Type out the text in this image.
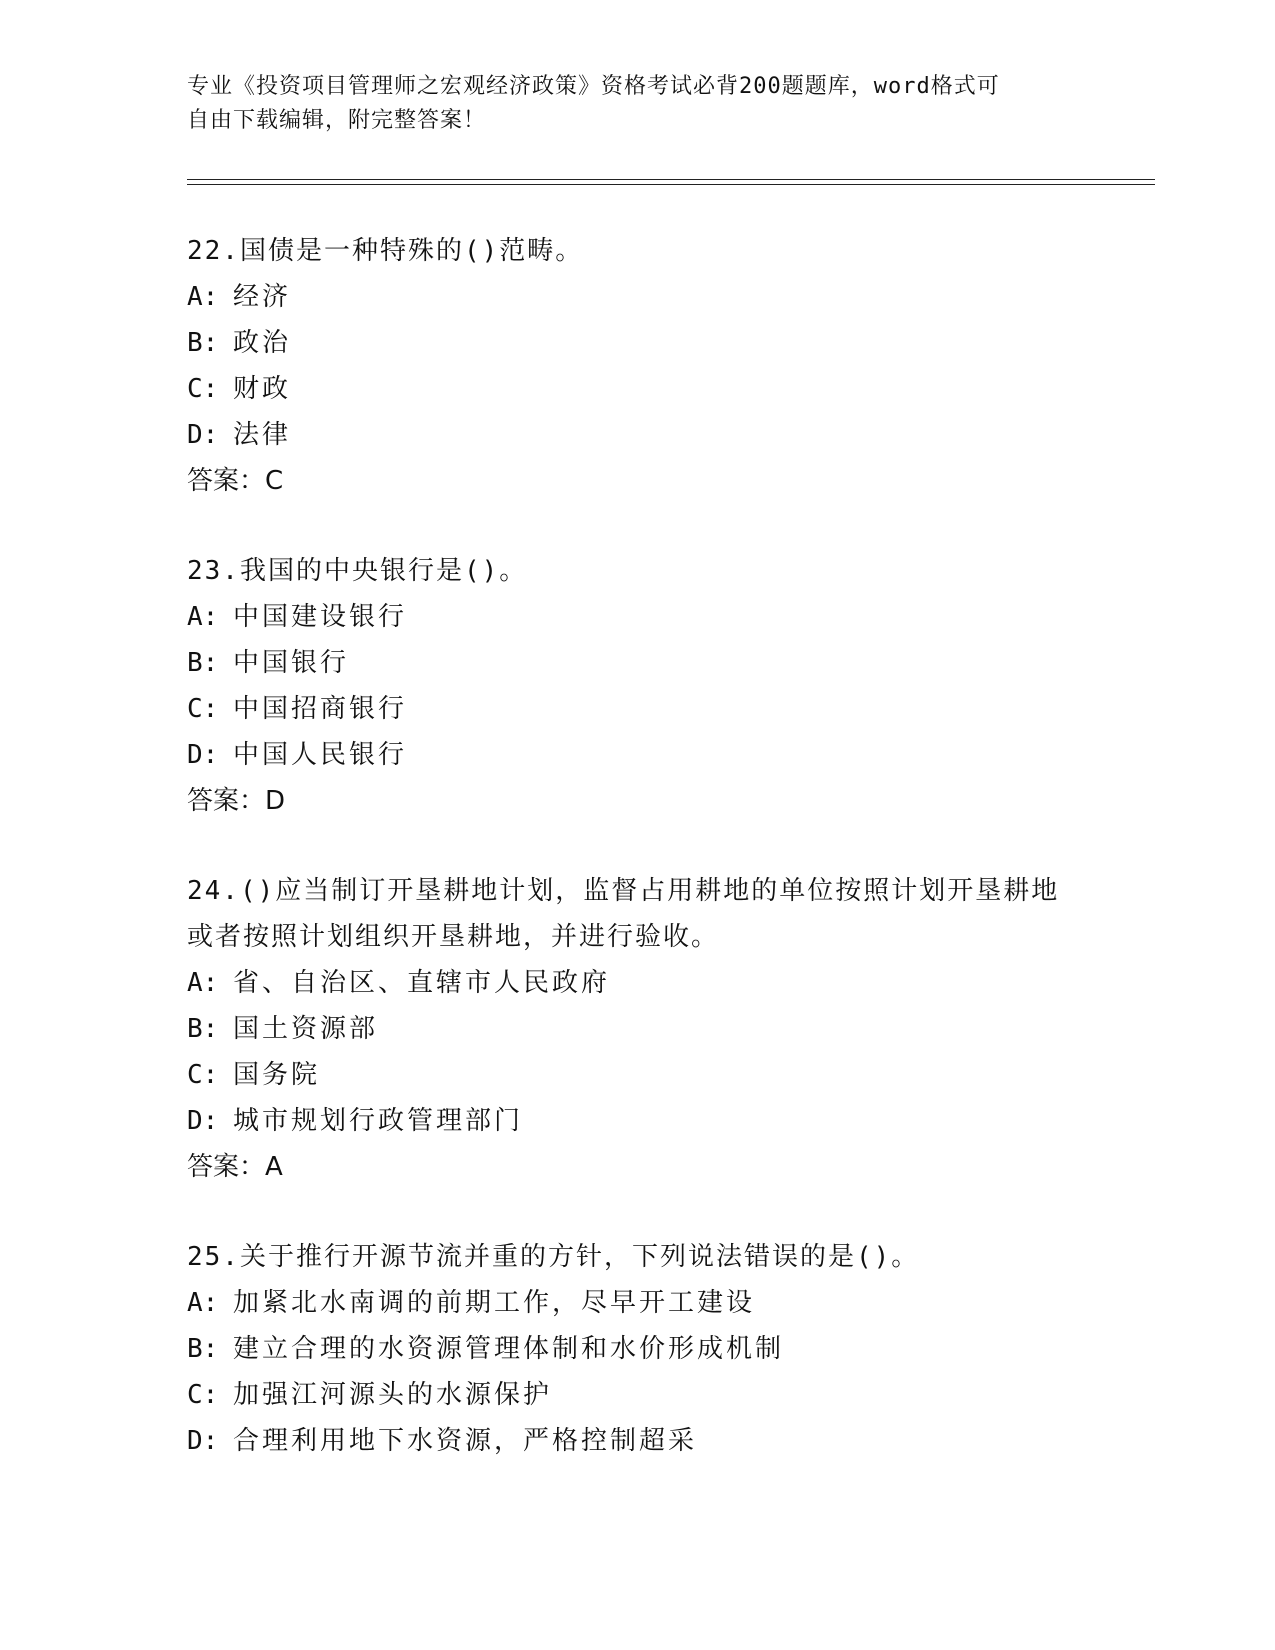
专业《投资项目管理师之宏观经济政策》资格考试必背200题题库，word格式可
自由下载编辑，附完整答案！
22.国债是一种特殊的()范畴。
A: 经济
B: 政治
C: 财政
D: 法律
答案：C
23.我国的中央银行是()。
A: 中国建设银行
B: 中国银行
C: 中国招商银行
D: 中国人民银行
答案：D
24.()应当制订开垦耕地计划，监督占用耕地的单位按照计划开垦耕地
或者按照计划组织开垦耕地，并进行验收。
A: 省、自治区、直辖市人民政府
B: 国土资源部
C: 国务院
D: 城市规划行政管理部门
答案：A
25.关于推行开源节流并重的方针，下列说法错误的是()。
A: 加紧北水南调的前期工作，尽早开工建设
B: 建立合理的水资源管理体制和水价形成机制
C: 加强江河源头的水源保护
D: 合理利用地下水资源，严格控制超采
